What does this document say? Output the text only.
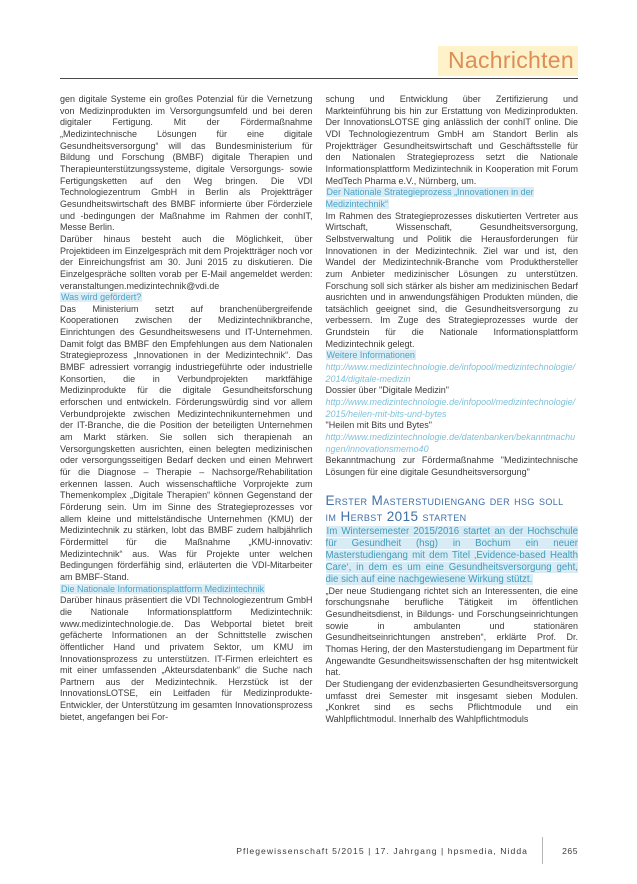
Nachrichten

gen digitale Systeme ein großes Potenzial für die Vernetzung von Medizinprodukten im Versorgungsumfeld und bei deren digitaler Fertigung. Mit der Fördermaßnahme „Medizintechnische Lösungen für eine digitale Gesundheitsversorgung“ will das Bundesministerium für Bildung und Forschung (BMBF) digitale Therapien und Therapieunterstützungssysteme, digitale Versorgungs- sowie Fertigungsketten auf den Weg bringen. Die VDI Technologiezentrum GmbH in Berlin als Projektträger Gesundheitswirtschaft des BMBF informierte über Förderziele und -bedingungen der Maßnahme im Rahmen der conhIT, Messe Berlin.

Darüber hinaus besteht auch die Möglichkeit, über Projektideen im Einzelgespräch mit dem Projektträger noch vor der Einreichungsfrist am 30. Juni 2015 zu diskutieren. Die Einzelgespräche sollten vorab per E-Mail angemeldet werden: veranstaltungen.medizintechnik@vdi.de

Was wird gefördert?

Das Ministerium setzt auf branchenübergreifende Kooperationen zwischen der Medizintechnikbranche, Einrichtungen des Gesundheitswesens und IT-Unternehmen. Damit folgt das BMBF den Empfehlungen aus dem Nationalen Strategieprozess „Innovationen in der Medizintechnik“. Das BMBF adressiert vorrangig industriegeführte oder industrielle Konsortien, die in Verbundprojekten marktfähige Medizinprodukte für die digitale Gesundheitsforschung erforschen und entwickeln. Förderungswürdig sind vor allem Verbundprojekte zwischen Medizintechnikunternehmen und der IT-Branche, die die Position der beteiligten Unternehmen am Markt stärken. Sie sollen sich therapienah an Versorgungsketten ausrichten, einen belegten medizinischen oder versorgungsseitigen Bedarf decken und einen Mehrwert für die Diagnose – Therapie – Nachsorge/Rehabilitation erkennen lassen. Auch wissenschaftliche Vorprojekte zum Themenkomplex „Digitale Therapien“ können Gegenstand der Förderung sein. Um im Sinne des Strategieprozesses vor allem kleine und mittelständische Unternehmen (KMU) der Medizintechnik zu stärken, lobt das BMBF zudem halbjährlich Fördermittel für die Maßnahme „KMU-innovativ: Medizintechnik“ aus. Was für Projekte unter welchen Bedingungen förderfähig sind, erläuterten die VDI-Mitarbeiter am BMBF-Stand.

Die Nationale Informationsplattform Medizintechnik

Darüber hinaus präsentiert die VDI Technologiezentrum GmbH die Nationale Informationsplattform Medizintechnik: www.medizintechnologie.de. Das Webportal bietet breit gefächerte Informationen an der Schnittstelle zwischen öffentlicher Hand und privatem Sektor, um KMU im Innovationsprozess zu unterstützen. IT-Firmen erleichtert es mit einer umfassenden „Akteursdatenbank“ die Suche nach Partnern aus der Medizintechnik. Herzstück ist der InnovationsLOTSE, ein Leitfaden für Medizinprodukte-Entwickler, der Unterstützung im gesamten Innovationsprozess bietet, angefangen bei For-

schung und Entwicklung über Zertifizierung und Markteinführung bis hin zur Erstattung von Medizinprodukten. Der InnovationsLOTSE ging anlässlich der conhIT online. Die VDI Technologiezentrum GmbH am Standort Berlin als Projektträger Gesundheitswirtschaft und Geschäftsstelle für den Nationalen Strategieprozess setzt die Nationale Informationsplattform Medizintechnik in Kooperation mit Forum MedTech Pharma e.V., Nürnberg, um.

Der Nationale Strategieprozess „Innovationen in der Medizintechnik“

Im Rahmen des Strategieprozesses diskutierten Vertreter aus Wirtschaft, Wissenschaft, Gesundheitsversorgung, Selbstverwaltung und Politik die Herausforderungen für Innovationen in der Medizintechnik. Ziel war und ist, den Wandel der Medizintechnik-Branche vom Produkthersteller zum Anbieter medizinischer Lösungen zu unterstützen. Forschung soll sich stärker als bisher am medizinischen Bedarf ausrichten und in anwendungsfähigen Produkten münden, die tatsächlich geeignet sind, die Gesundheitsversorgung zu verbessern. Im Zuge des Strategieprozesses wurde der Grundstein für die Nationale Informationsplattform Medizintechnik gelegt.

Weitere Informationen

http://www.medizintechnologie.de/infopool/medizintechnologie/2014/digitale-medizin

Dossier über "Digitale Medizin"

http://www.medizintechnologie.de/infopool/medizintechnologie/2015/heilen-mit-bits-und-bytes

"Heilen mit Bits und Bytes"

http://www.medizintechnologie.de/datenbanken/bekanntmachungen/innovationsmemo40

Bekanntmachung zur Fördermaßnahme "Medizintechnische Lösungen für eine digitale Gesundheitsversorgung"

Erster Masterstudiengang der hsg soll im Herbst 2015 starten

Im Wintersemester 2015/2016 startet an der Hochschule für Gesundheit (hsg) in Bochum ein neuer Masterstudiengang mit dem Titel ‚Evidence-based Health Care‘, in dem es um eine Gesundheitsversorgung geht, die sich auf eine nachgewiesene Wirkung stützt.

„Der neue Studiengang richtet sich an Interessenten, die eine forschungsnahe berufliche Tätigkeit im öffentlichen Gesundheitsdienst, in Bildungs- und Forschungseinrichtungen sowie in ambulanten und stationären Gesundheitseinrichtungen anstreben“, erklärte Prof. Dr. Thomas Hering, der den Masterstudiengang im Department für Angewandte Gesundheitswissenschaften der hsg mitentwickelt hat.

Der Studiengang der evidenzbasierten Gesundheitsversorgung umfasst drei Semester mit insgesamt sieben Modulen. „Konkret sind es sechs Pflichtmodule und ein Wahlpflichtmodul. Innerhalb des Wahlpflichtmoduls

Pflegewissenschaft 5/2015 | 17. Jahrgang | hpsmedia, Nidda	265
